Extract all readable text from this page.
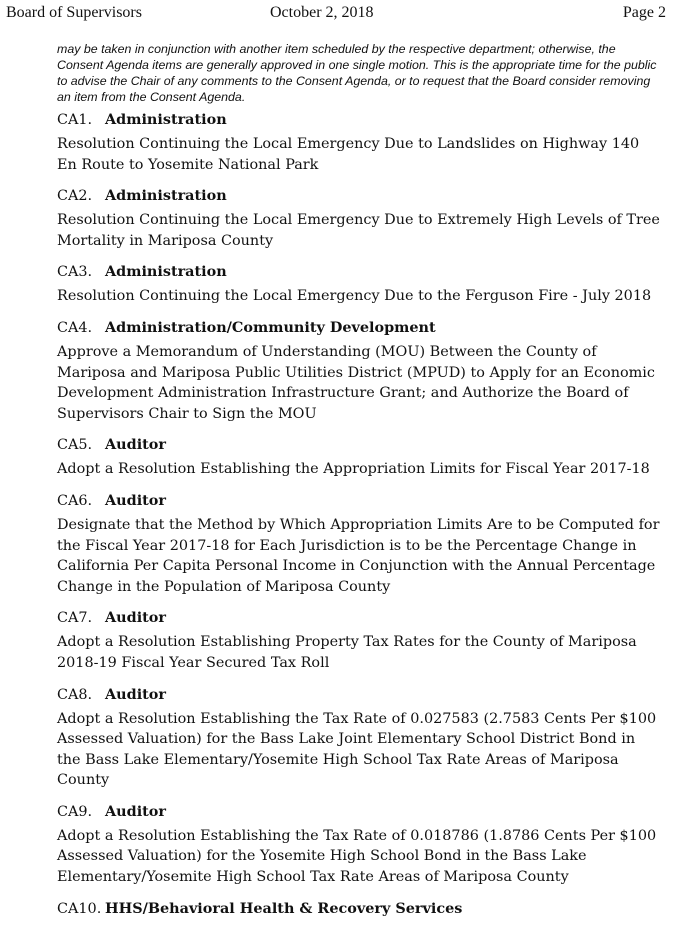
Board of Supervisors	October 2, 2018	Page 2
may be taken in conjunction with another item scheduled by the respective department; otherwise, the Consent Agenda items are generally approved in one single motion. This is the appropriate time for the public to advise the Chair of any comments to the Consent Agenda, or to request that the Board consider removing an item from the Consent Agenda.
CA1. Administration
Resolution Continuing the Local Emergency Due to Landslides on Highway 140 En Route to Yosemite National Park
CA2. Administration
Resolution Continuing the Local Emergency Due to Extremely High Levels of Tree Mortality in Mariposa County
CA3. Administration
Resolution Continuing the Local Emergency Due to the Ferguson Fire - July 2018
CA4. Administration/Community Development
Approve a Memorandum of Understanding (MOU) Between the County of Mariposa and Mariposa Public Utilities District (MPUD) to Apply for an Economic Development Administration Infrastructure Grant; and Authorize the Board of Supervisors Chair to Sign the MOU
CA5. Auditor
Adopt a Resolution Establishing the Appropriation Limits for Fiscal Year 2017-18
CA6. Auditor
Designate that the Method by Which Appropriation Limits Are to be Computed for the Fiscal Year 2017-18 for Each Jurisdiction is to be the Percentage Change in California Per Capita Personal Income in Conjunction with the Annual Percentage Change in the Population of Mariposa County
CA7. Auditor
Adopt a Resolution Establishing Property Tax Rates for the County of Mariposa 2018-19 Fiscal Year Secured Tax Roll
CA8. Auditor
Adopt a Resolution Establishing the Tax Rate of 0.027583 (2.7583 Cents Per $100 Assessed Valuation) for the Bass Lake Joint Elementary School District Bond in the Bass Lake Elementary/Yosemite High School Tax Rate Areas of Mariposa County
CA9. Auditor
Adopt a Resolution Establishing the Tax Rate of 0.018786 (1.8786 Cents Per $100 Assessed Valuation) for the Yosemite High School Bond in the Bass Lake Elementary/Yosemite High School Tax Rate Areas of Mariposa County
CA10. HHS/Behavioral Health & Recovery Services
